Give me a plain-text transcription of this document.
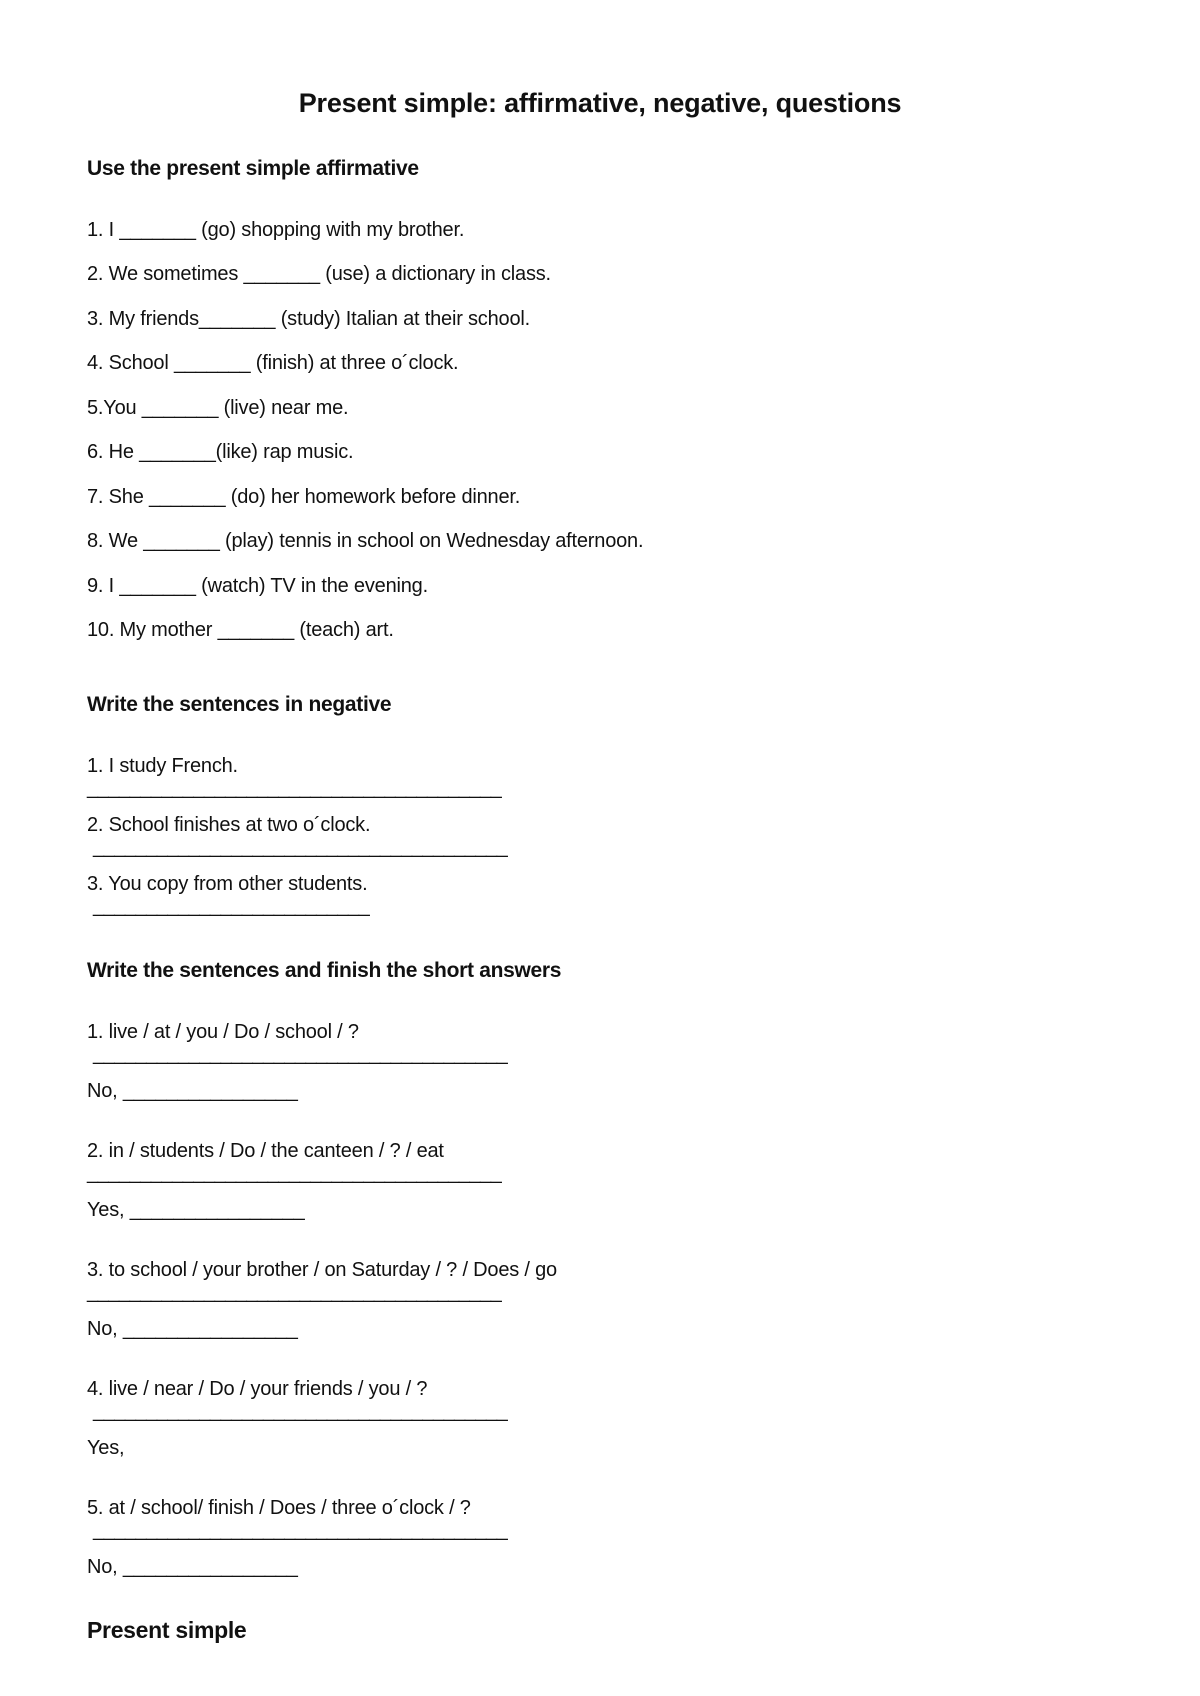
Present simple: affirmative, negative, questions
Use the present simple affirmative
1. I _______ (go) shopping with my brother.
2. We sometimes _______ (use) a dictionary in class.
3. My friends_______ (study) Italian at their school.
4. School _______ (finish) at three o´clock.
5.You _______ (live) near me.
6. He _______(like) rap music.
7. She _______ (do) her homework before dinner.
8. We _______ (play) tennis in school on Wednesday afternoon.
9. I _______ (watch) TV in the evening.
10. My mother _______ (teach) art.
Write the sentences in negative
1. I study French.
_______________________________________
2. School finishes at two o´clock.
_______________________________________
3. You copy from other students.
__________________________
Write the sentences and finish the short answers
1. live / at / you / Do / school / ?
_______________________________________
No, ________________
2. in / students / Do / the canteen / ? / eat
_______________________________________
Yes, ________________
3. to school / your brother / on Saturday / ? / Does / go
_______________________________________
No, ________________
4. live / near / Do / your friends / you / ?
_______________________________________
Yes,
5. at / school/ finish / Does / three o´clock / ?
_______________________________________
No, ________________
Present simple
